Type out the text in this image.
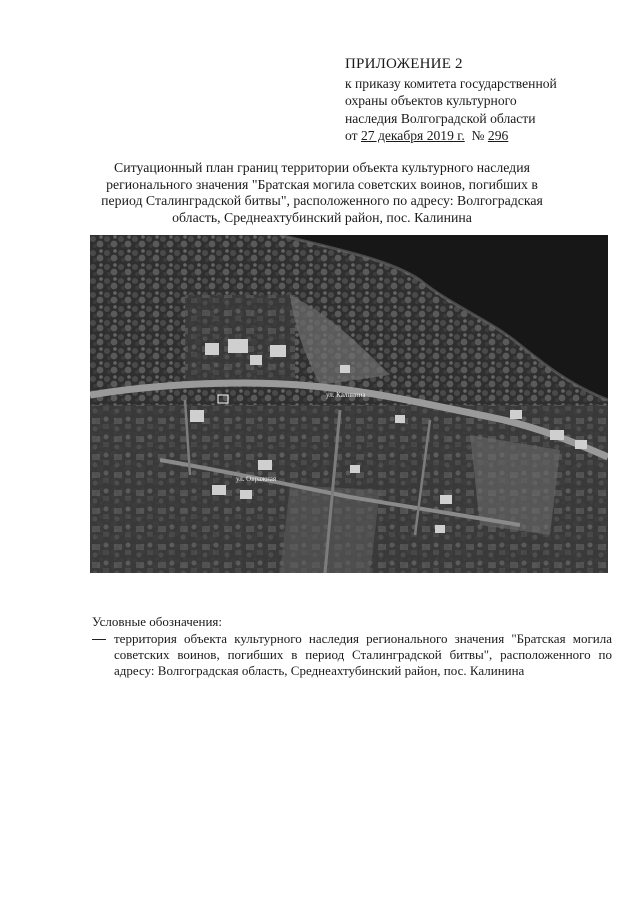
ПРИЛОЖЕНИЕ 2
к приказу комитета государственной
охраны объектов культурного
наследия Волгоградской области
от 27 декабря 2019 г. № 296
Ситуационный план границ территории объекта культурного наследия регионального значения "Братская могила советских воинов, погибших в период Сталинградской битвы", расположенного по адресу: Волгоградская область, Среднеахтубинский район, пос. Калинина
ул. Калинина
ул. Овражная
Условные обозначения:
территория объекта культурного наследия регионального значения "Братская могила советских воинов, погибших в период Сталинградской битвы", расположенного по адресу: Волгоградская область, Среднеахтубинский район, пос. Калинина
